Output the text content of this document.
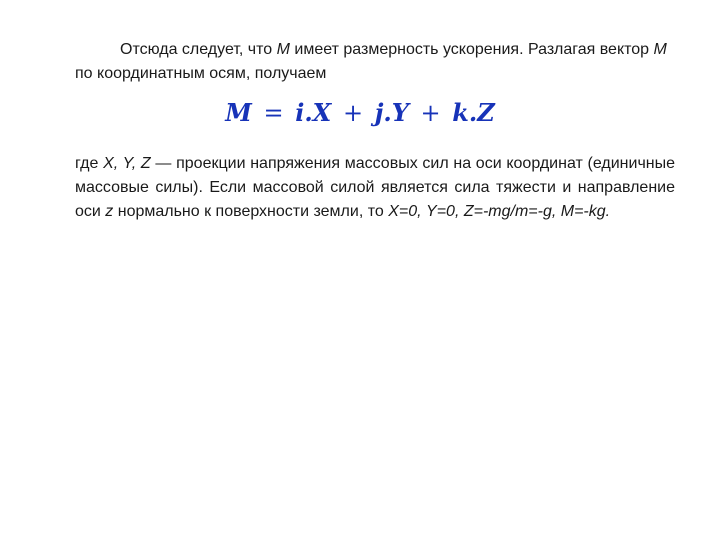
Отсюда следует, что М имеет размерность ускорения. Разлагая вектор М по координатным осям, получаем

M = i.X + j.Y + k.Z

где X, Y, Z — проекции напряжения массовых сил на оси координат (единичные массовые силы). Если массовой силой является сила тяжести и направление оси z нормально к поверхности земли, то Х=0, Y=0, Z=-mg/m=-g, M=-kg.
